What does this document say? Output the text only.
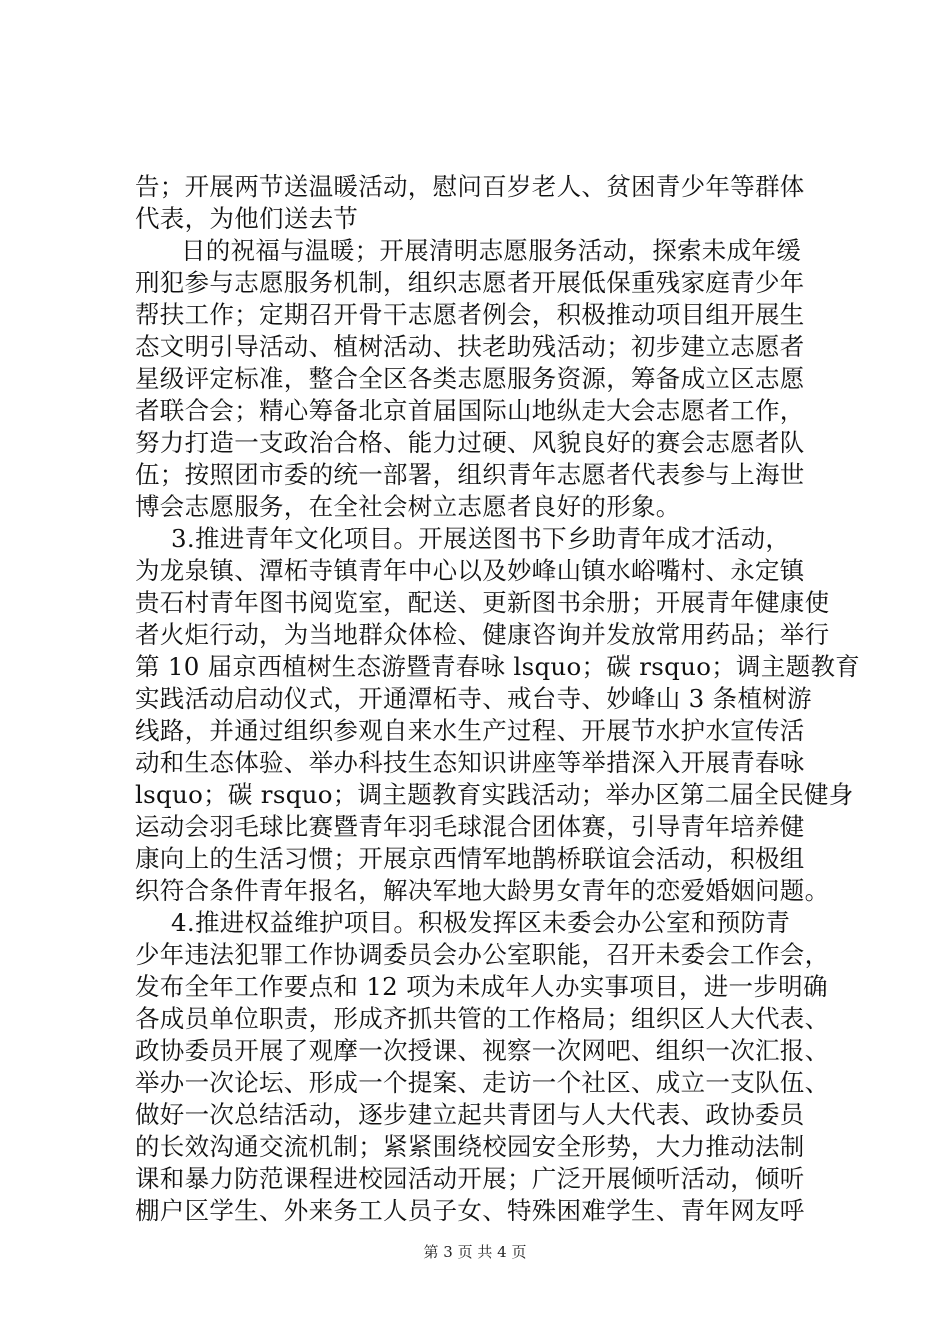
告；开展两节送温暖活动，慰问百岁老人、贫困青少年等群体
代表，为他们送去节
日的祝福与温暖；开展清明志愿服务活动，探索未成年缓
刑犯参与志愿服务机制，组织志愿者开展低保重残家庭青少年
帮扶工作；定期召开骨干志愿者例会，积极推动项目组开展生
态文明引导活动、植树活动、扶老助残活动；初步建立志愿者
星级评定标准，整合全区各类志愿服务资源，筹备成立区志愿
者联合会；精心筹备北京首届国际山地纵走大会志愿者工作，
努力打造一支政治合格、能力过硬、风貌良好的赛会志愿者队
伍；按照团市委的统一部署，组织青年志愿者代表参与上海世
博会志愿服务，在全社会树立志愿者良好的形象。
3.推进青年文化项目。开展送图书下乡助青年成才活动，
为龙泉镇、潭柘寺镇青年中心以及妙峰山镇水峪嘴村、永定镇
贵石村青年图书阅览室，配送、更新图书余册；开展青年健康使
者火炬行动，为当地群众体检、健康咨询并发放常用药品；举行
第 10 届京西植树生态游暨青春咏 lsquo；碳 rsquo；调主题教育
实践活动启动仪式，开通潭柘寺、戒台寺、妙峰山 3 条植树游
线路，并通过组织参观自来水生产过程、开展节水护水宣传活
动和生态体验、举办科技生态知识讲座等举措深入开展青春咏
lsquo；碳 rsquo；调主题教育实践活动；举办区第二届全民健身
运动会羽毛球比赛暨青年羽毛球混合团体赛，引导青年培养健
康向上的生活习惯；开展京西情军地鹊桥联谊会活动，积极组
织符合条件青年报名，解决军地大龄男女青年的恋爱婚姻问题。
4.推进权益维护项目。积极发挥区未委会办公室和预防青
少年违法犯罪工作协调委员会办公室职能，召开未委会工作会，
发布全年工作要点和 12 项为未成年人办实事项目，进一步明确
各成员单位职责，形成齐抓共管的工作格局；组织区人大代表、
政协委员开展了观摩一次授课、视察一次网吧、组织一次汇报、
举办一次论坛、形成一个提案、走访一个社区、成立一支队伍、
做好一次总结活动，逐步建立起共青团与人大代表、政协委员
的长效沟通交流机制；紧紧围绕校园安全形势，大力推动法制
课和暴力防范课程进校园活动开展；广泛开展倾听活动，倾听
棚户区学生、外来务工人员子女、特殊困难学生、青年网友呼
第 3 页 共 4 页
